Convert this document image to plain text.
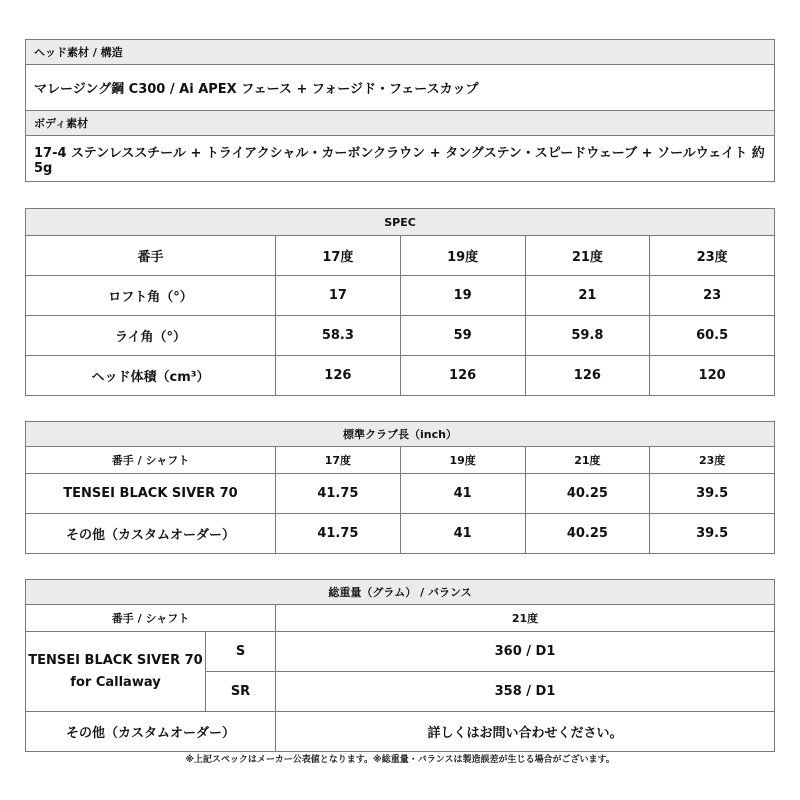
ヘッド素材 / 構造
マレージング鋼 C300 / Ai APEX フェース + フォージド・フェースカップ
ボディ素材
17-4 ステンレススチール + トライアクシャル・カーボンクラウン + タングステン・スピードウェーブ + ソールウェイト 約5g
SPEC				
番手	17度	19度	21度	23度
ロフト角（°）	17	19	21	23
ライ角（°）	58.3	59	59.8	60.5
ヘッド体積（cm³）	126	126	126	120
標準クラブ長（inch）				
番手 / シャフト	17度	19度	21度	23度
TENSEI BLACK SIVER 70	41.75	41	40.25	39.5
その他（カスタムオーダー）	41.75	41	40.25	39.5
総重量（グラム） / バランス		
番手 / シャフト		21度
TENSEI BLACK SIVER 70
for Callaway	S	360 / D1
	SR	358 / D1
その他（カスタムオーダー）		詳しくはお問い合わせください。
※上記スペックはメーカー公表値となります。※総重量・バランスは製造誤差が生じる場合がございます。
